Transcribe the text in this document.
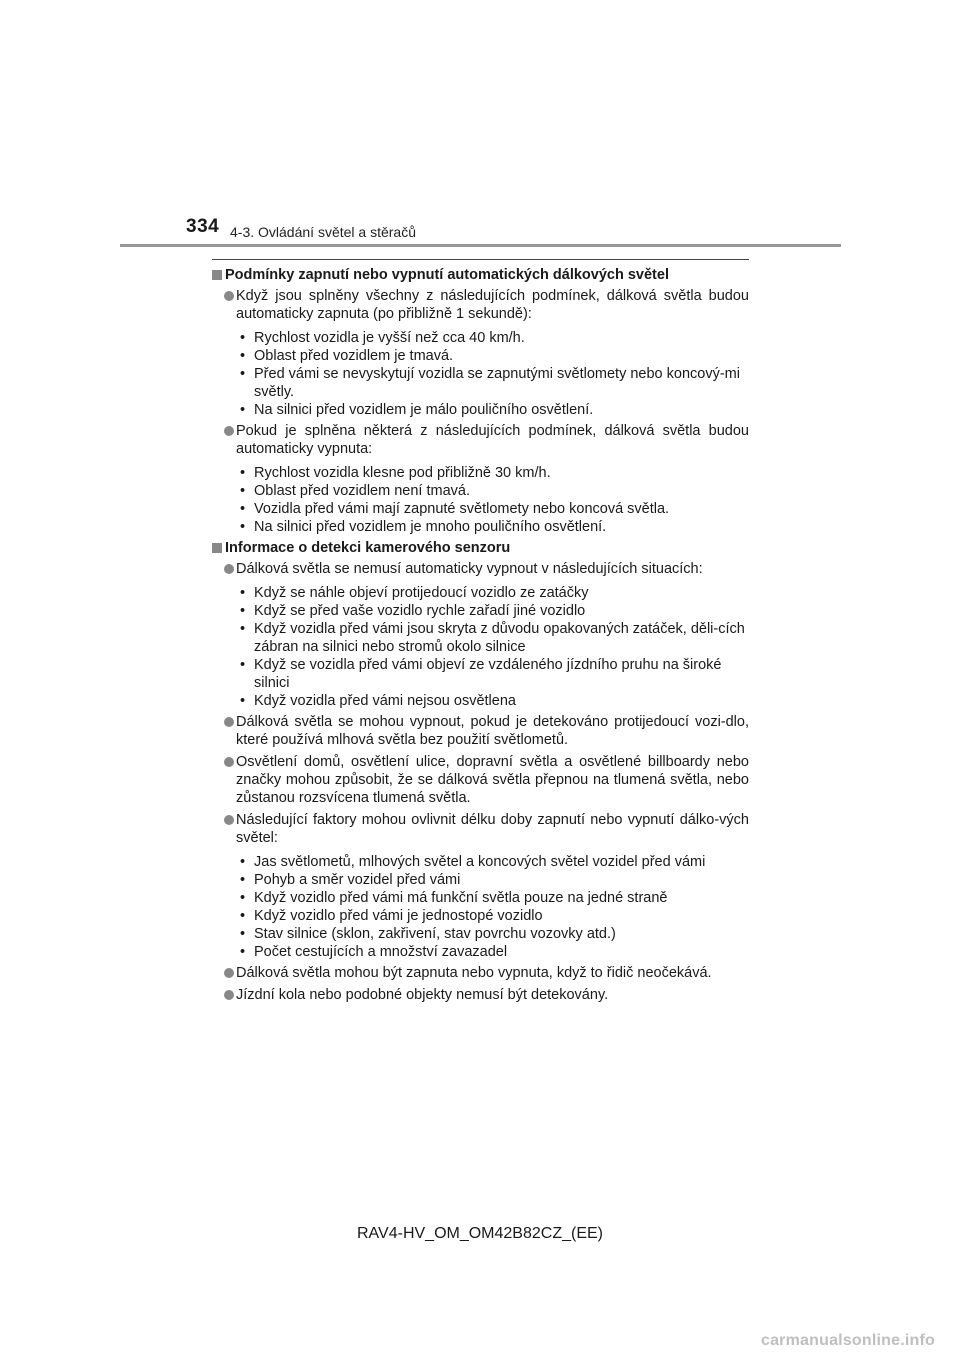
334 4-3. Ovládání světel a stěračů
Podmínky zapnutí nebo vypnutí automatických dálkových světel
Když jsou splněny všechny z následujících podmínek, dálková světla budou automaticky zapnuta (po přibližně 1 sekundě):
• Rychlost vozidla je vyšší než cca 40 km/h.
• Oblast před vozidlem je tmavá.
• Před vámi se nevyskytují vozidla se zapnutými světlomety nebo koncový-mi světly.
• Na silnici před vozidlem je málo pouličního osvětlení.
Pokud je splněna některá z následujících podmínek, dálková světla budou automaticky vypnuta:
• Rychlost vozidla klesne pod přibližně 30 km/h.
• Oblast před vozidlem není tmavá.
• Vozidla před vámi mají zapnuté světlomety nebo koncová světla.
• Na silnici před vozidlem je mnoho pouličního osvětlení.
Informace o detekci kamerového senzoru
Dálková světla se nemusí automaticky vypnout v následujících situacích:
• Když se náhle objeví protijedoucí vozidlo ze zatáčky
• Když se před vaše vozidlo rychle zařadí jiné vozidlo
• Když vozidla před vámi jsou skryta z důvodu opakovaných zatáček, děli-cích zábran na silnici nebo stromů okolo silnice
• Když se vozidla před vámi objeví ze vzdáleného jízdního pruhu na široké silnici
• Když vozidla před vámi nejsou osvětlena
Dálková světla se mohou vypnout, pokud je detekováno protijedoucí vozi-dlo, které používá mlhová světla bez použití světlometů.
Osvětlení domů, osvětlení ulice, dopravní světla a osvětlené billboardy nebo značky mohou způsobit, že se dálková světla přepnou na tlumená světla, nebo zůstanou rozsvícena tlumená světla.
Následující faktory mohou ovlivnit délku doby zapnutí nebo vypnutí dálko-vých světel:
• Jas světlometů, mlhových světel a koncových světel vozidel před vámi
• Pohyb a směr vozidel před vámi
• Když vozidlo před vámi má funkční světla pouze na jedné straně
• Když vozidlo před vámi je jednostopé vozidlo
• Stav silnice (sklon, zakřivení, stav povrchu vozovky atd.)
• Počet cestujících a množství zavazadel
Dálková světla mohou být zapnuta nebo vypnuta, když to řidič neočekává.
Jízdní kola nebo podobné objekty nemusí být detekovány.
RAV4-HV_OM_OM42B82CZ_(EE)
carmanualsonline.info
